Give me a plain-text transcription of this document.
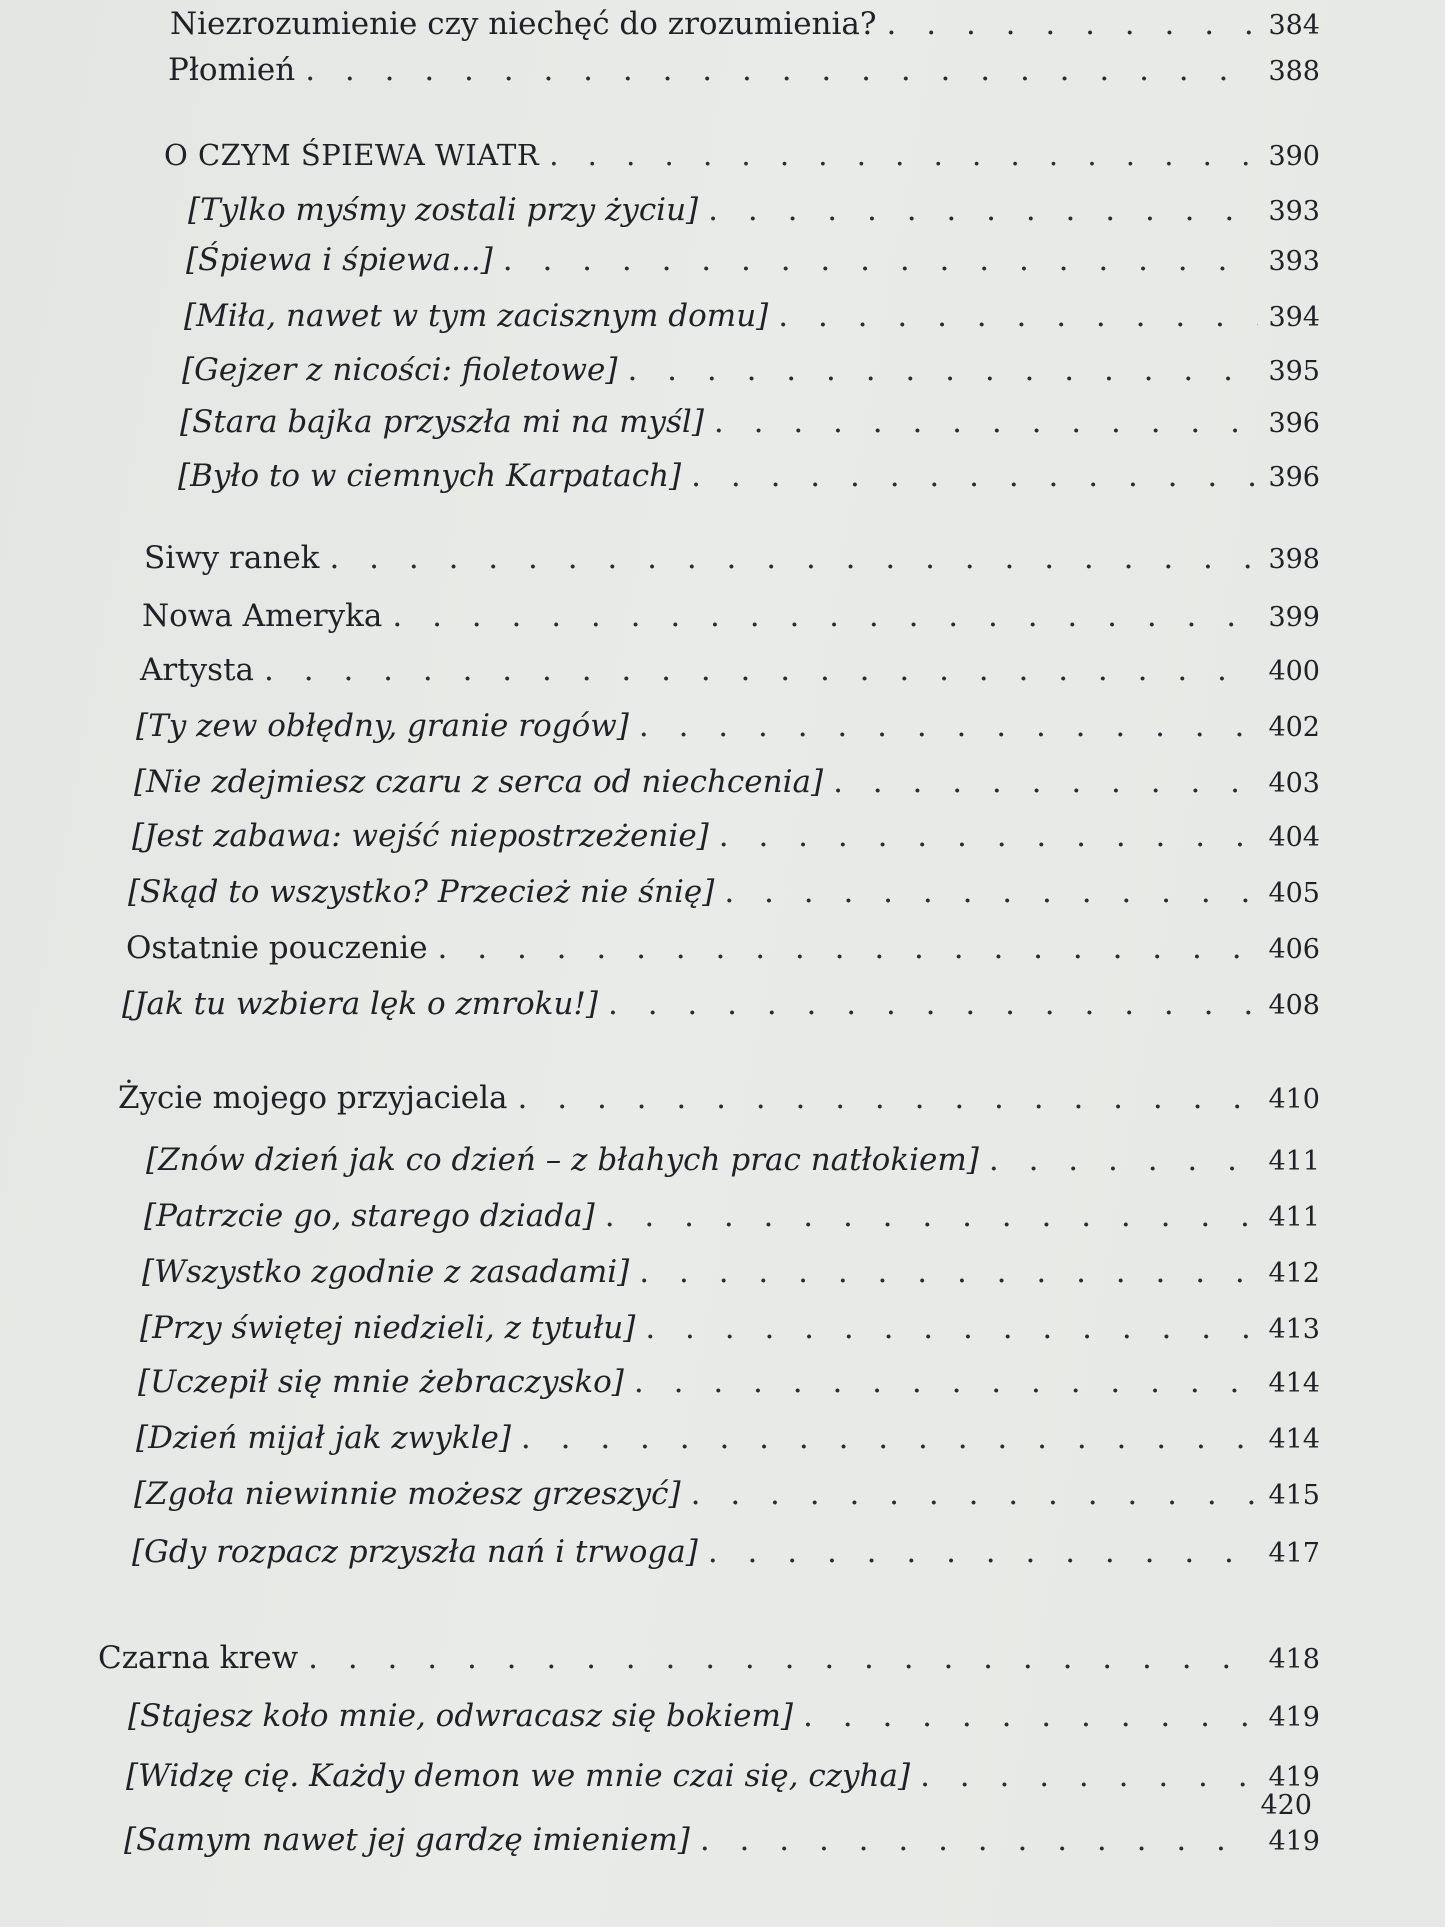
Niezrozumienie czy niechęć do zrozumienia? . . .	384
Płomień . . .	388
O CZYM ŚPIEWA WIATR . . .	390
[Tylko myśmy zostali przy życiu] . . .	393
[Śpiewa i śpiewa...] . . .	393
[Miła, nawet w tym zacisznym domu] . . .	394
[Gejzer z nicości: fioletowe] . . .	395
[Stara bajka przyszła mi na myśl] . . .	396
[Było to w ciemnych Karpatach] . . .	396
Siwy ranek . . .	398
Nowa Ameryka . . .	399
Artysta . . .	400
[Ty zew obłędny, granie rogów] . . .	402
[Nie zdejmiesz czaru z serca od niechcenia] . . .	403
[Jest zabawa: wejść niepostrzeżenie] . . .	404
[Skąd to wszystko? Przecież nie śnię] . . .	405
Ostatnie pouczenie . . .	406
[Jak tu wzbiera lęk o zmroku!] . . .	408
Życie mojego przyjaciela . . .	410
[Znów dzień jak co dzień – z błahych prac natłokiem] . . .	411
[Patrzcie go, starego dziada] . . .	411
[Wszystko zgodnie z zasadami] . . .	412
[Przy świętej niedzieli, z tytułu] . . .	413
[Uczepił się mnie żebraczysko] . . .	414
[Dzień mijał jak zwykle] . . .	414
[Zgoła niewinnie możesz grzeszyć] . . .	415
[Gdy rozpacz przyszła nań i trwoga] . . .	417
Czarna krew . . .	418
[Stajesz koło mnie, odwracasz się bokiem] . . .	419
[Widzę cię. Każdy demon we mnie czai się, czyha] . . .	419
[Samym nawet jej gardzę imieniem] . . .	419
420
